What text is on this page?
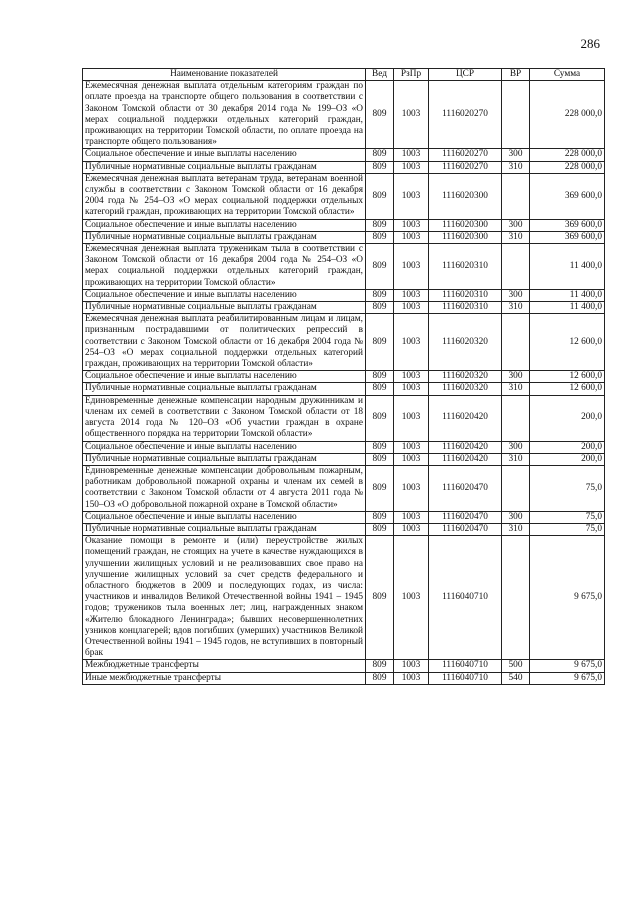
286
Наименование показателей	Вед	РзПр	ЦСР	ВР	Сумма
Ежемесячная денежная выплата отдельным категориям граждан по оплате проезда на транспорте общего пользования в соответствии с Законом Томской области от 30 декабря 2014 года № 199–ОЗ «О мерах социальной поддержки отдельных категорий граждан, проживающих на территории Томской области, по оплате проезда на транспорте общего пользования»	809	1003	1116020270		228 000,0
Социальное обеспечение и иные выплаты населению	809	1003	1116020270	300	228 000,0
Публичные нормативные социальные выплаты гражданам	809	1003	1116020270	310	228 000,0
Ежемесячная денежная выплата ветеранам труда, ветеранам военной службы в соответствии с Законом Томской области от 16 декабря 2004 года № 254–ОЗ «О мерах социальной поддержки отдельных категорий граждан, проживающих на территории Томской области»	809	1003	1116020300		369 600,0
Социальное обеспечение и иные выплаты населению	809	1003	1116020300	300	369 600,0
Публичные нормативные социальные выплаты гражданам	809	1003	1116020300	310	369 600,0
Ежемесячная денежная выплата труженикам тыла в соответствии с Законом Томской области от 16 декабря 2004 года № 254–ОЗ «О мерах социальной поддержки отдельных категорий граждан, проживающих на территории Томской области»	809	1003	1116020310		11 400,0
Социальное обеспечение и иные выплаты населению	809	1003	1116020310	300	11 400,0
Публичные нормативные социальные выплаты гражданам	809	1003	1116020310	310	11 400,0
Ежемесячная денежная выплата реабилитированным лицам и лицам, признанным пострадавшими от политических репрессий в соответствии с Законом Томской области от 16 декабря 2004 года № 254–ОЗ «О мерах социальной поддержки отдельных категорий граждан, проживающих на территории Томской области»	809	1003	1116020320		12 600,0
Социальное обеспечение и иные выплаты населению	809	1003	1116020320	300	12 600,0
Публичные нормативные социальные выплаты гражданам	809	1003	1116020320	310	12 600,0
Единовременные денежные компенсации народным дружинникам и членам их семей в соответствии с Законом Томской области от 18 августа 2014 года № 120–ОЗ «Об участии граждан в охране общественного порядка на территории Томской области»	809	1003	1116020420		200,0
Социальное обеспечение и иные выплаты населению	809	1003	1116020420	300	200,0
Публичные нормативные социальные выплаты гражданам	809	1003	1116020420	310	200,0
Единовременные денежные компенсации добровольным пожарным, работникам добровольной пожарной охраны и членам их семей в соответствии с Законом Томской области от 4 августа 2011 года № 150–ОЗ «О добровольной пожарной охране в Томской области»	809	1003	1116020470		75,0
Социальное обеспечение и иные выплаты населению	809	1003	1116020470	300	75,0
Публичные нормативные социальные выплаты гражданам	809	1003	1116020470	310	75,0
Оказание помощи в ремонте и (или) переустройстве жилых помещений граждан, не стоящих на учете в качестве нуждающихся в улучшении жилищных условий и не реализовавших свое право на улучшение жилищных условий за счет средств федерального и областного бюджетов в 2009 и последующих годах, из числа: участников и инвалидов Великой Отечественной войны 1941 – 1945 годов; тружеников тыла военных лет; лиц, награжденных знаком «Жителю блокадного Ленинграда»; бывших несовершеннолетних узников концлагерей; вдов погибших (умерших) участников Великой Отечественной войны 1941 – 1945 годов, не вступивших в повторный брак	809	1003	1116040710		9 675,0
Межбюджетные трансферты	809	1003	1116040710	500	9 675,0
Иные межбюджетные трансферты	809	1003	1116040710	540	9 675,0
